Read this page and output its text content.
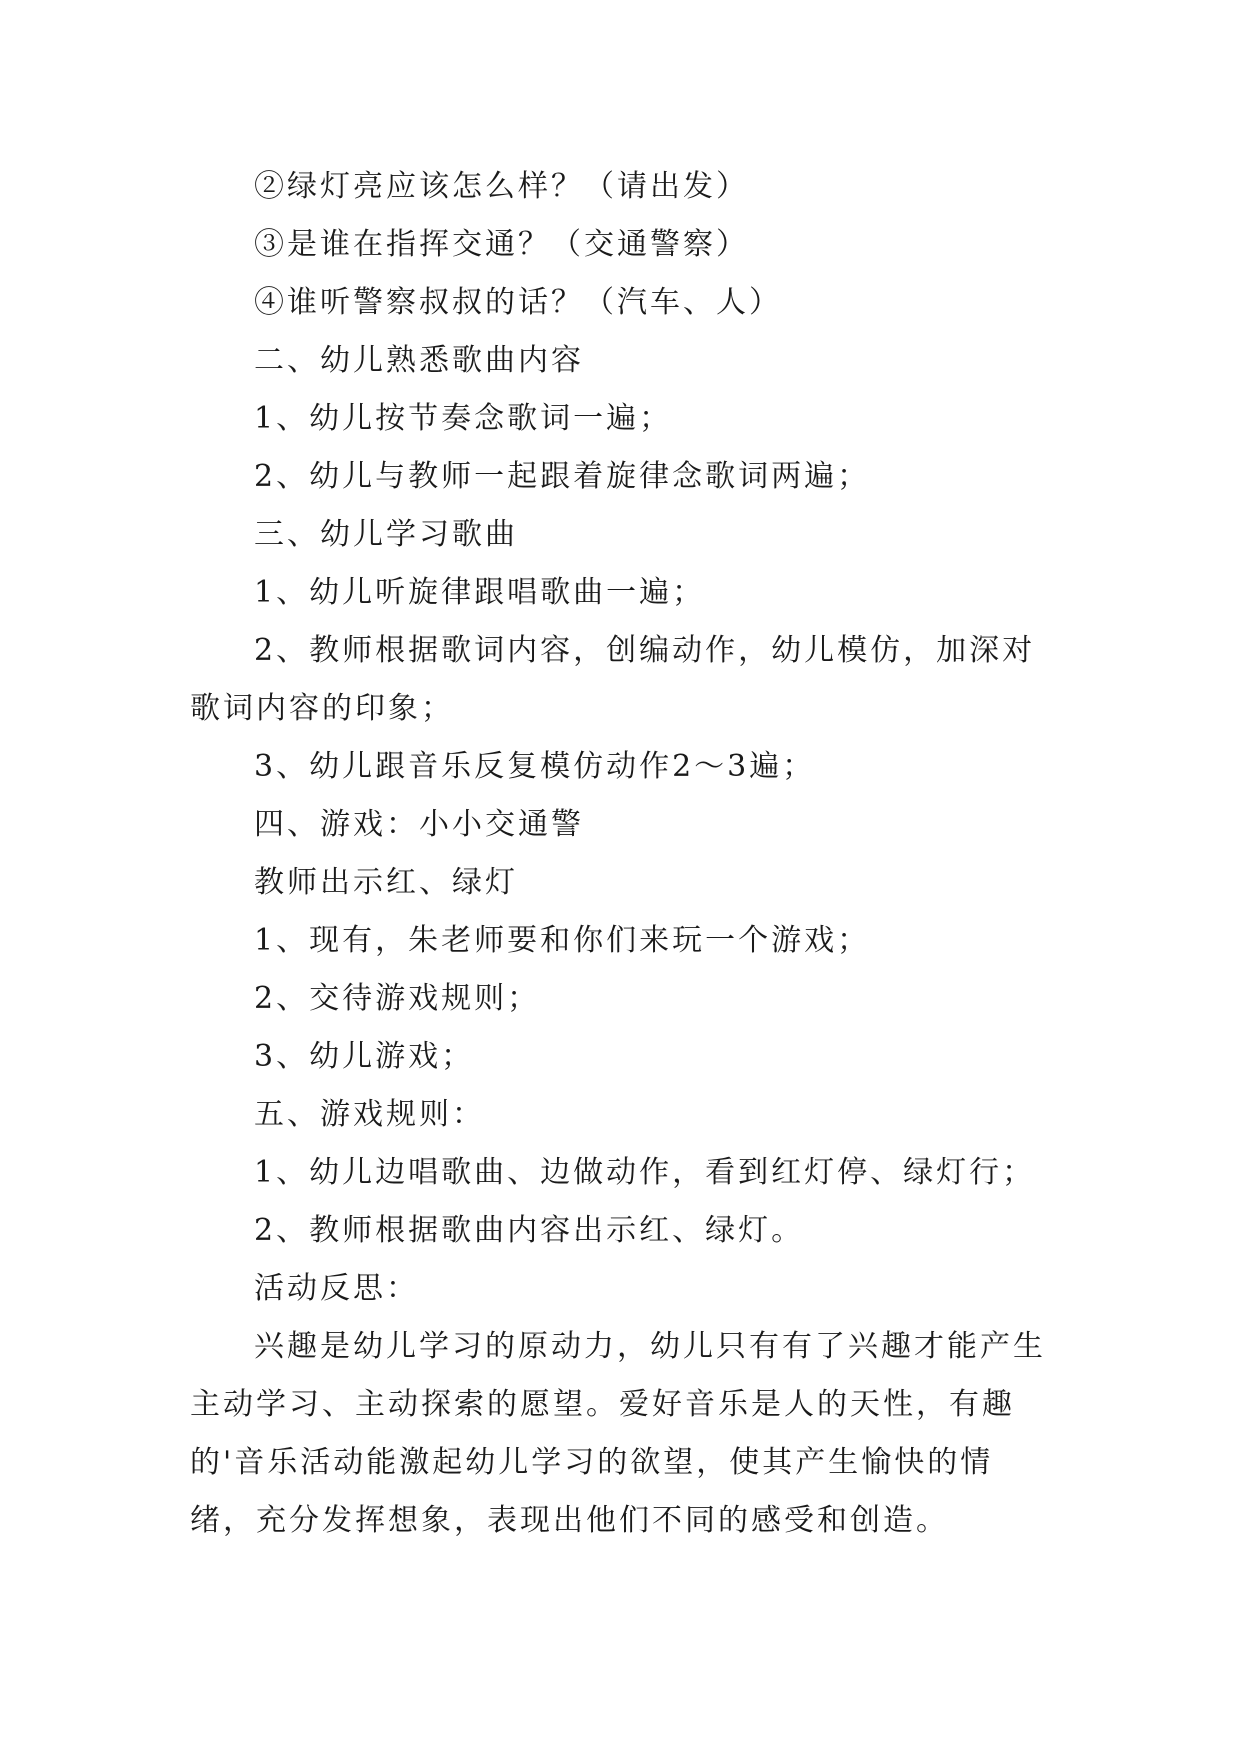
②绿灯亮应该怎么样？（请出发）

③是谁在指挥交通？（交通警察）

④谁听警察叔叔的话？（汽车、人）

二、幼儿熟悉歌曲内容

1、幼儿按节奏念歌词一遍；

2、幼儿与教师一起跟着旋律念歌词两遍；

三、幼儿学习歌曲

1、幼儿听旋律跟唱歌曲一遍；

2、教师根据歌词内容，创编动作，幼儿模仿，加深对歌词内容的印象；

3、幼儿跟音乐反复模仿动作2～3遍；

四、游戏：小小交通警

教师出示红、绿灯

1、现有，朱老师要和你们来玩一个游戏；

2、交待游戏规则；

3、幼儿游戏；

五、游戏规则：

1、幼儿边唱歌曲、边做动作，看到红灯停、绿灯行；

2、教师根据歌曲内容出示红、绿灯。

活动反思：

兴趣是幼儿学习的原动力，幼儿只有有了兴趣才能产生主动学习、主动探索的愿望。爱好音乐是人的天性，有趣的'音乐活动能激起幼儿学习的欲望，使其产生愉快的情绪，充分发挥想象，表现出他们不同的感受和创造。
